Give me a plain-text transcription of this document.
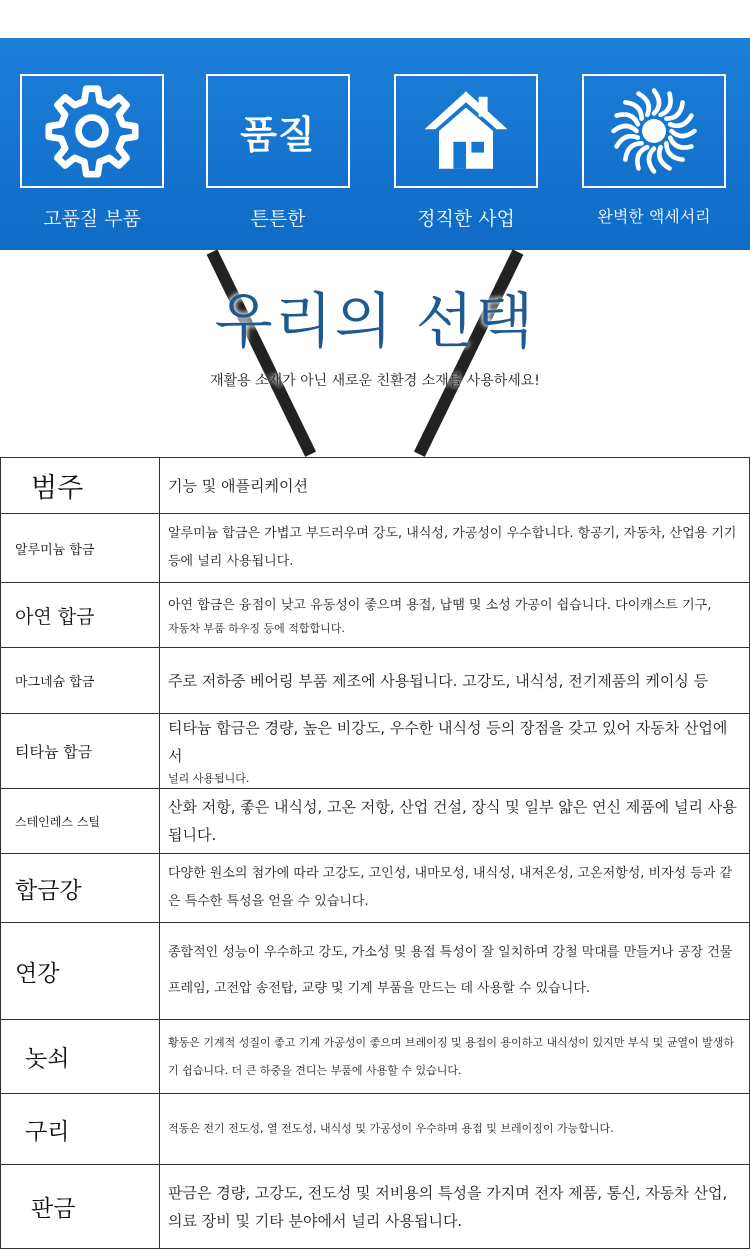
고품질 부품
품질
튼튼한	정직한 사업	완벽한 액세서리
우리의 선택
재활용 소재가 아닌 새로운 친환경 소재를 사용하세요!
범주	기능 및 애플리케이션
알루미늄 합금	알루미늄 합금은 가볍고 부드러우며 강도, 내식성, 가공성이 우수합니다. 항공기, 자동차, 산업용 기기 등에 널리 사용됩니다.
아연 합금	아연 합금은 융점이 낮고 유동성이 좋으며 용접, 납땜 및 소성 가공이 쉽습니다. 다이캐스트 기구,
자동차 부품 하우징 등에 적합합니다.

마그네슘 합금	주로 저하중 베어링 부품 제조에 사용됩니다. 고강도, 내식성, 전기제품의 케이싱 등
티타늄 합금	티타늄 합금은 경량, 높은 비강도, 우수한 내식성 등의 장점을 갖고 있어 자동차 산업에서
널리 사용됩니다.

스테인레스 스틸	산화 저항, 좋은 내식성, 고온 저항, 산업 건설, 장식 및 일부 얇은 연신 제품에 널리 사용됩니다.
합금강	다양한 원소의 첨가에 따라 고강도, 고인성, 내마모성, 내식성, 내저온성, 고온저항성, 비자성 등과 같은 특수한 특성을 얻을 수 있습니다.
연강	종합적인 성능이 우수하고 강도, 가소성 및 용접 특성이 잘 일치하며 강철 막대를 만들거나 공장 건물 프레임, 고전압 송전탑, 교량 및 기계 부품을 만드는 데 사용할 수 있습니다.
놋쇠	황동은 기계적 성질이 좋고 기계 가공성이 좋으며 브레이징 및 용접이 용이하고 내식성이 있지만 부식 및 균열이 발생하기 쉽습니다. 더 큰 하중을 견디는 부품에 사용할 수 있습니다.
구리	적동은 전기 전도성, 열 전도성, 내식성 및 가공성이 우수하며 용접 및 브레이징이 가능합니다.
판금	판금은 경량, 고강도, 전도성 및 저비용의 특성을 가지며 전자 제품, 통신, 자동차 산업, 의료 장비 및 기타 분야에서 널리 사용됩니다.
